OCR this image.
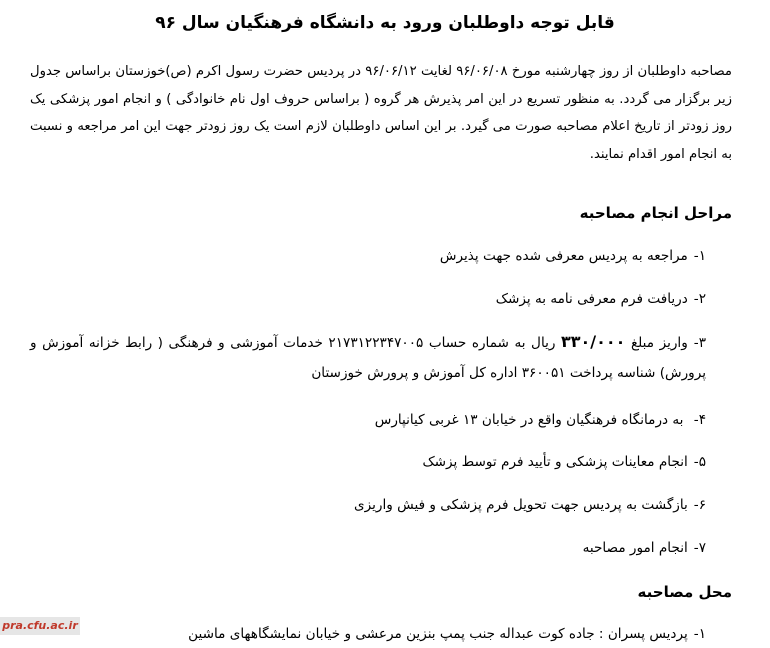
قابل توجه داوطلبان ورود به دانشگاه فرهنگیان سال ۹۶
مصاحبه داوطلبان از روز چهارشنبه مورخ ۹۶/۰۶/۰۸ لغایت ۹۶/۰۶/۱۲ در پردیس حضرت رسول اکرم (ص)خوزستان براساس جدول زیر برگزار می گردد. به منظور تسریع در این امر پذیرش هر گروه ( براساس حروف اول نام خانوادگی ) و انجام امور پزشکی یک روز زودتر از تاریخ اعلام مصاحبه صورت می گیرد. بر این اساس داوطلبان لازم است یک روز زودتر جهت این امر مراجعه و نسبت به انجام امور اقدام نمایند.
مراحل انجام مصاحبه
۱-مراجعه به پردیس معرفی شده جهت پذیرش
۲-دریافت فرم معرفی نامه به پزشک
۳-واریز مبلغ ۳۳۰/۰۰۰ ریال به شماره حساب ۲۱۷۳۱۲۲۳۴۷۰۰۵ خدمات آموزشی و فرهنگی ( رابط خزانه آموزش و پرورش) شناسه پرداخت ۳۶۰۰۵۱ اداره کل آموزش و پرورش خوزستان
۴- به درمانگاه فرهنگیان واقع در خیابان ۱۳ غربی کیانپارس
۵-انجام معاینات پزشکی و تأیید فرم توسط پزشک
۶-بازگشت به پردیس جهت تحویل فرم پزشکی و فیش واریزی
۷-انجام امور مصاحبه
محل مصاحبه
۱-پردیس پسران : جاده کوت عبداله جنب پمپ بنزین مرعشی و خیابان نمایشگاههای ماشین
pra.cfu.ac.ir
